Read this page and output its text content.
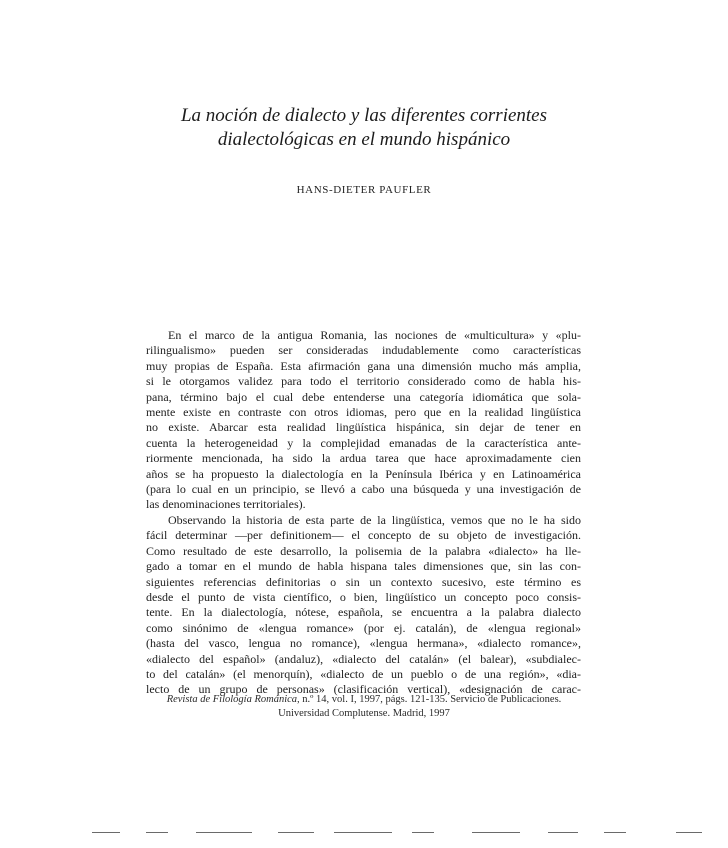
La noción de dialecto y las diferentes corrientes
dialectológicas en el mundo hispánico
HANS-DIETER PAUFLER

En el marco de la antigua Romania, las nociones de «multicultura» y «plu-
rilingualismo» pueden ser consideradas indudablemente como características
muy propias de España. Esta afirmación gana una dimensión mucho más amplia,
si le otorgamos validez para todo el territorio considerado como de habla his-
pana, término bajo el cual debe entenderse una categoría idiomática que sola-
mente existe en contraste con otros idiomas, pero que en la realidad lingüística
no existe. Abarcar esta realidad lingüística hispánica, sin dejar de tener en
cuenta la heterogeneidad y la complejidad emanadas de la característica ante-
riormente mencionada, ha sido la ardua tarea que hace aproximadamente cien
años se ha propuesto la dialectología en la Península Ibérica y en Latinoamérica
(para lo cual en un principio, se llevó a cabo una búsqueda y una investigación de
las denominaciones territoriales).

Observando la historia de esta parte de la lingüística, vemos que no le ha sido
fácil determinar —per definitionem— el concepto de su objeto de investigación.
Como resultado de este desarrollo, la polisemia de la palabra «dialecto» ha lle-
gado a tomar en el mundo de habla hispana tales dimensiones que, sin las con-
siguientes referencias definitorias o sin un contexto sucesivo, este término es
desde el punto de vista científico, o bien, lingüístico un concepto poco consis-
tente. En la dialectología, nótese, española, se encuentra a la palabra dialecto
como sinónimo de «lengua romance» (por ej. catalán), de «lengua regional»
(hasta del vasco, lengua no romance), «lengua hermana», «dialecto romance»,
«dialecto del español» (andaluz), «dialecto del catalán» (el balear), «subdialec-
to del catalán» (el menorquín), «dialecto de un pueblo o de una región», «dia-
lecto de un grupo de personas» (clasificación vertical), «designación de carac-

Revista de Filología Románica, n.º 14, vol. I, 1997, págs. 121-135. Servicio de Publicaciones.
Universidad Complutense. Madrid, 1997
